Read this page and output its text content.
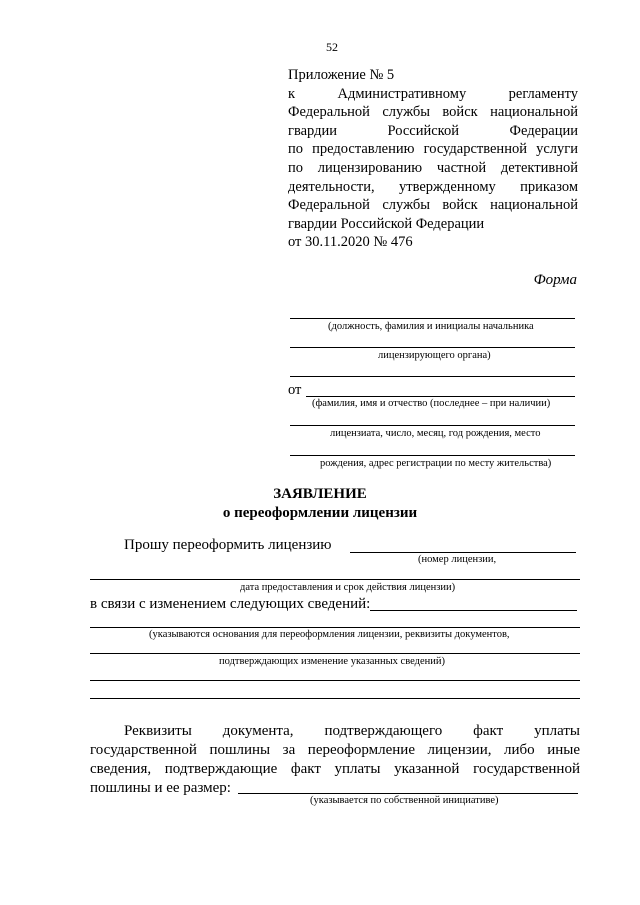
52
Приложение № 5
к Административному регламенту
Федеральной службы войск национальной
гвардии Российской Федерации
по предоставлению государственной услуги
по лицензированию частной детективной
деятельности, утвержденному приказом
Федеральной службы войск национальной
гвардии Российской Федерации
от 30.11.2020 № 476
Форма
(должность, фамилия и инициалы начальника
лицензирующего органа)
от
(фамилия, имя и отчество (последнее – при наличии)
лицензиата, число, месяц, год рождения, место
рождения, адрес регистрации по месту жительства)
ЗАЯВЛЕНИЕ
о переоформлении лицензии
Прошу переоформить лицензию
(номер лицензии,
дата предоставления и срок действия лицензии)
в связи с изменением следующих сведений:
(указываются основания для переоформления лицензии, реквизиты документов,
подтверждающих изменение указанных сведений)
Реквизиты документа, подтверждающего факт уплаты
государственной пошлины за переоформление лицензии, либо иные
сведения, подтверждающие факт уплаты указанной государственной
пошлины и ее размер:
(указывается по собственной инициативе)
